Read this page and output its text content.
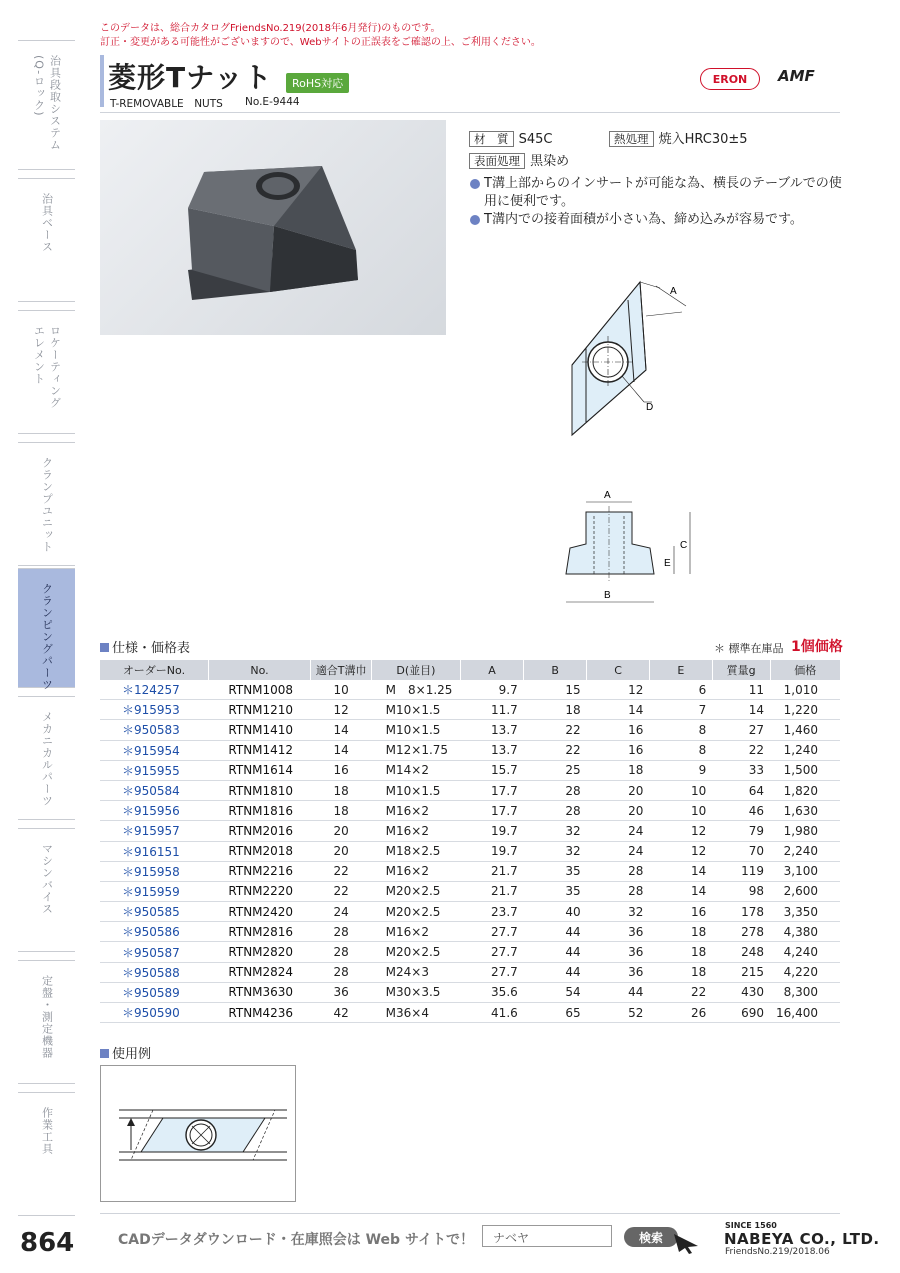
このデータは、総合カタログFriendsNo.219(2018年6月発行)のものです。
訂正・変更がある可能性がございますので、Webサイトの正誤表をご確認の上、ご利用ください。
治具段取システム
(Q-ロック)
治具ベース
ロケーティング
エレメント
クランプユニット
クランピングパーツ
メカニカルパーツ
マシンバイス
定盤・測定機器
作業工具
菱形Tナット	RoHS対応
T-REMOVABLE　NUTS No.E-9444
ERON	AMF
材　質 S45C	熱処理 焼入HRC30±5
表面処理 黒染め
T溝上部からのインサートが可能な為、横長のテーブルでの使用に便利です。
T溝内での接着面積が小さい為、締め込みが容易です。
A
D
A
C
E
B
仕様・価格表	＊ 標準在庫品 1個価格
オーダーNo.	No.	適合T溝巾	D(並目)	A	B	C	E	質量g	価格
＊124257	RTNM1008	10	M　8×1.25	9.7	15	12	6	11	1,010
＊915953	RTNM1210	12	M10×1.5	11.7	18	14	7	14	1,220
＊950583	RTNM1410	14	M10×1.5	13.7	22	16	8	27	1,460
＊915954	RTNM1412	14	M12×1.75	13.7	22	16	8	22	1,240
＊915955	RTNM1614	16	M14×2	15.7	25	18	9	33	1,500
＊950584	RTNM1810	18	M10×1.5	17.7	28	20	10	64	1,820
＊915956	RTNM1816	18	M16×2	17.7	28	20	10	46	1,630
＊915957	RTNM2016	20	M16×2	19.7	32	24	12	79	1,980
＊916151	RTNM2018	20	M18×2.5	19.7	32	24	12	70	2,240
＊915958	RTNM2216	22	M16×2	21.7	35	28	14	119	3,100
＊915959	RTNM2220	22	M20×2.5	21.7	35	28	14	98	2,600
＊950585	RTNM2420	24	M20×2.5	23.7	40	32	16	178	3,350
＊950586	RTNM2816	28	M16×2	27.7	44	36	18	278	4,380
＊950587	RTNM2820	28	M20×2.5	27.7	44	36	18	248	4,240
＊950588	RTNM2824	28	M24×3	27.7	44	36	18	215	4,220
＊950589	RTNM3630	36	M30×3.5	35.6	54	44	22	430	8,300
＊950590	RTNM4236	42	M36×4	41.6	65	52	26	690	16,400
使用例
864	CADデータダウンロード・在庫照会は Web サイトで！	ナベヤ	検索
SINCE 1560
NABEYA CO., LTD.
FriendsNo.219/2018.06
